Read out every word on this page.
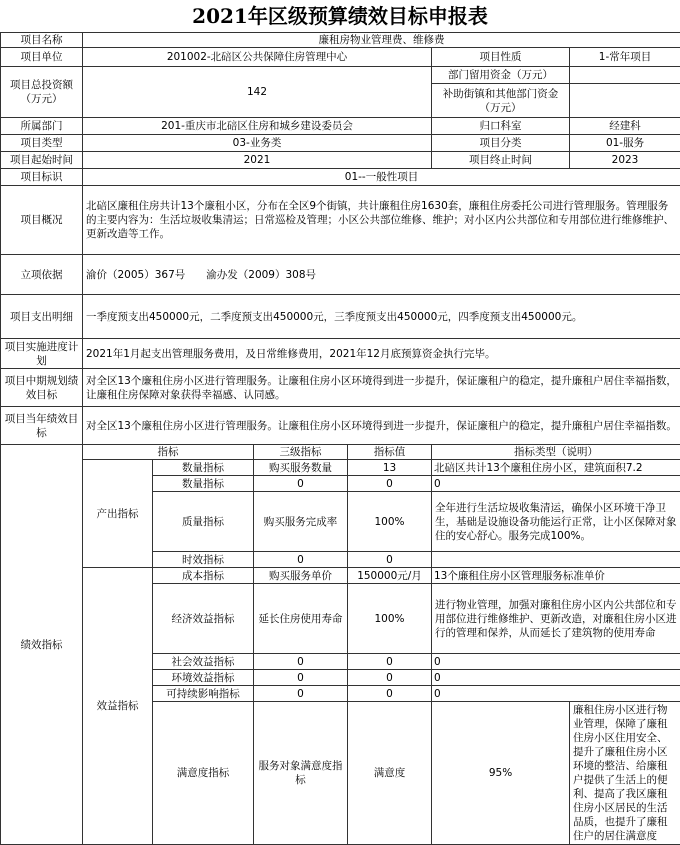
2021年区级预算绩效目标申报表
项目名称	廉租房物业管理费、维修费					
项目单位	201002-北碚区公共保障住房管理中心				项目性质	1-常年项目
项目总投资额（万元）	142				部门留用资金（万元）	
					补助街镇和其他部门资金（万元）	
所属部门	201-重庆市北碚区住房和城乡建设委员会				归口科室	经建科
项目类型	03-业务类				项目分类	01-服务
项目起始时间	2021				项目终止时间	2023
项目标识	01--一般性项目					
项目概况	北碚区廉租住房共计13个廉租小区，分布在全区9个街镇，共计廉租住房1630套，廉租住房委托公司进行管理服务。管理服务的主要内容为：生活垃圾收集清运；日常巡检及管理；小区公共部位维修、维护；对小区内公共部位和专用部位进行维修维护、更新改造等工作。					
立项依据	渝价（2005）367号　　渝办发（2009）308号					
项目支出明细	一季度预支出450000元，二季度预支出450000元，三季度预支出450000元，四季度预支出450000元。					
项目实施进度计划	2021年1月起支出管理服务费用，及日常维修费用，2021年12月底预算资金执行完毕。					
项目中期规划绩效目标	对全区13个廉租住房小区进行管理服务。让廉租住房小区环境得到进一步提升，保证廉租户的稳定，提升廉租户居住幸福指数，让廉租住房保障对象获得幸福感、认同感。					
项目当年绩效目标	对全区13个廉租住房小区进行管理服务。让廉租住房小区环境得到进一步提升，保证廉租户的稳定，提升廉租户居住幸福指数。					
绩效指标	指标		三级指标	指标值	指标类型（说明）	
	产出指标	数量指标	购买服务数量	13	北碚区共计13个廉租住房小区，建筑面积7.2	
		数量指标	0	0	0	
		质量指标	购买服务完成率	100%	全年进行生活垃圾收集清运，确保小区环境干净卫生，基础是设施设备功能运行正常，让小区保障对象住的安心舒心。服务完成100%。	
		时效指标	0	0		
	效益指标	成本指标	购买服务单价	150000元/月	13个廉租住房小区管理服务标准单价	
		经济效益指标	延长住房使用寿命	100%	进行物业管理，加强对廉租住房小区内公共部位和专用部位进行维修维护、更新改造，对廉租住房小区进行的管理和保养，从而延长了建筑物的使用寿命	
		社会效益指标	0	0	0	
		环境效益指标	0	0	0	
		可持续影响指标	0	0	0	
		满意度指标	服务对象满意度指标	满意度	95%	廉租住房小区进行物业管理，保障了廉租住房小区住用安全、提升了廉租住房小区环境的整洁、给廉租户提供了生活上的便利、提高了我区廉租住房小区居民的生活品质，也提升了廉租住户的居住满意度
